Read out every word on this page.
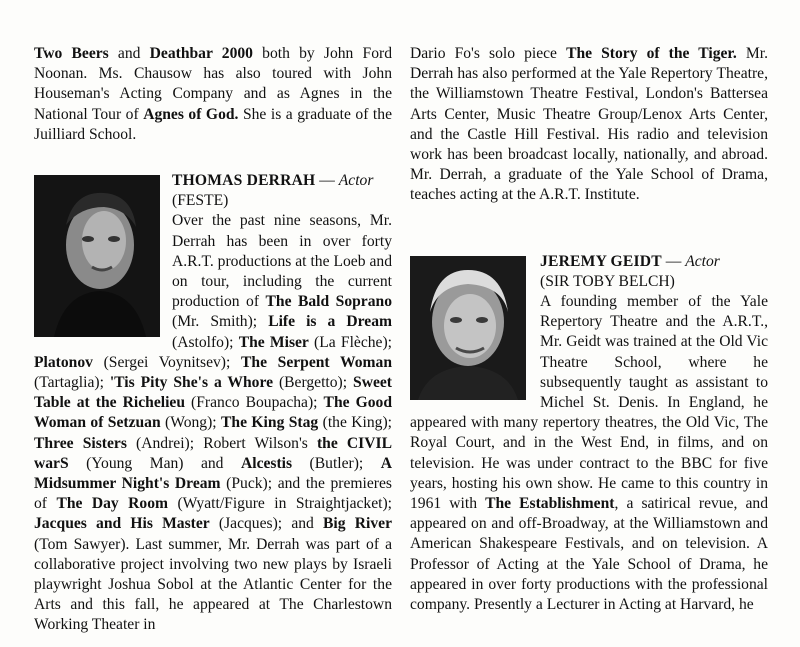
Two Beers and Deathbar 2000 both by John Ford Noonan. Ms. Chausow has also toured with John Houseman's Acting Company and as Agnes in the National Tour of Agnes of God. She is a graduate of the Juilliard School.

THOMAS DERRAH — Actor
(FESTE)

Over the past nine seasons, Mr. Derrah has been in over forty A.R.T. productions at the Loeb and on tour, including the current production of The Bald Soprano (Mr. Smith); Life is a Dream (Astolfo); The Miser (La Flèche); Platonov (Sergei Voynitsev); The Serpent Woman (Tartaglia); 'Tis Pity She's a Whore (Bergetto); Sweet Table at the Richelieu (Franco Boupacha); The Good Woman of Setzuan (Wong); The King Stag (the King); Three Sisters (Andrei); Robert Wilson's the CIVIL warS (Young Man) and Alcestis (Butler); A Midsummer Night's Dream (Puck); and the premieres of The Day Room (Wyatt/Figure in Straightjacket); Jacques and His Master (Jacques); and Big River (Tom Sawyer). Last summer, Mr. Derrah was part of a collaborative project involving two new plays by Israeli playwright Joshua Sobol at the Atlantic Center for the Arts and this fall, he appeared at The Charlestown Working Theater in

Dario Fo's solo piece The Story of the Tiger. Mr. Derrah has also performed at the Yale Repertory Theatre, the Williamstown Theatre Festival, London's Battersea Arts Center, Music Theatre Group/Lenox Arts Center, and the Castle Hill Festival. His radio and television work has been broadcast locally, nationally, and abroad. Mr. Derrah, a graduate of the Yale School of Drama, teaches acting at the A.R.T. Institute.

JEREMY GEIDT — Actor
(SIR TOBY BELCH)

A founding member of the Yale Repertory Theatre and the A.R.T., Mr. Geidt was trained at the Old Vic Theatre School, where he subsequently taught as assistant to Michel St. Denis. In England, he appeared with many repertory theatres, the Old Vic, The Royal Court, and in the West End, in films, and on television. He was under contract to the BBC for five years, hosting his own show. He came to this country in 1961 with The Establishment, a satirical revue, and appeared on and off-Broadway, at the Williamstown and American Shakespeare Festivals, and on television. A Professor of Acting at the Yale School of Drama, he appeared in over forty productions with the professional company. Presently a Lecturer in Acting at Harvard, he
